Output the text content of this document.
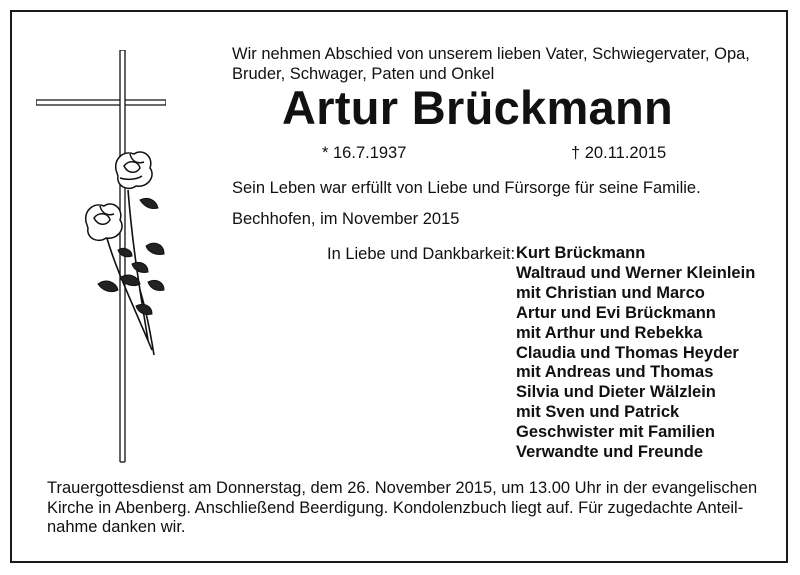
Wir nehmen Abschied von unserem lieben Vater, Schwiegervater, Opa,
Bruder, Schwager, Paten und Onkel
Artur Brückmann
* 16.7.1937	† 20.11.2015
Sein Leben war erfüllt von Liebe und Fürsorge für seine Familie.
Bechhofen, im November 2015
In Liebe und Dankbarkeit: Kurt Brückmann
Waltraud und Werner Kleinlein
mit Christian und Marco
Artur und Evi Brückmann
mit Arthur und Rebekka
Claudia und Thomas Heyder
mit Andreas und Thomas
Silvia und Dieter Wälzlein
mit Sven und Patrick
Geschwister mit Familien
Verwandte und Freunde
Trauergottesdienst am Donnerstag, dem 26. November 2015, um 13.00 Uhr in der evangelischen
Kirche in Abenberg. Anschließend Beerdigung. Kondolenzbuch liegt auf. Für zugedachte Anteil-
nahme danken wir.
